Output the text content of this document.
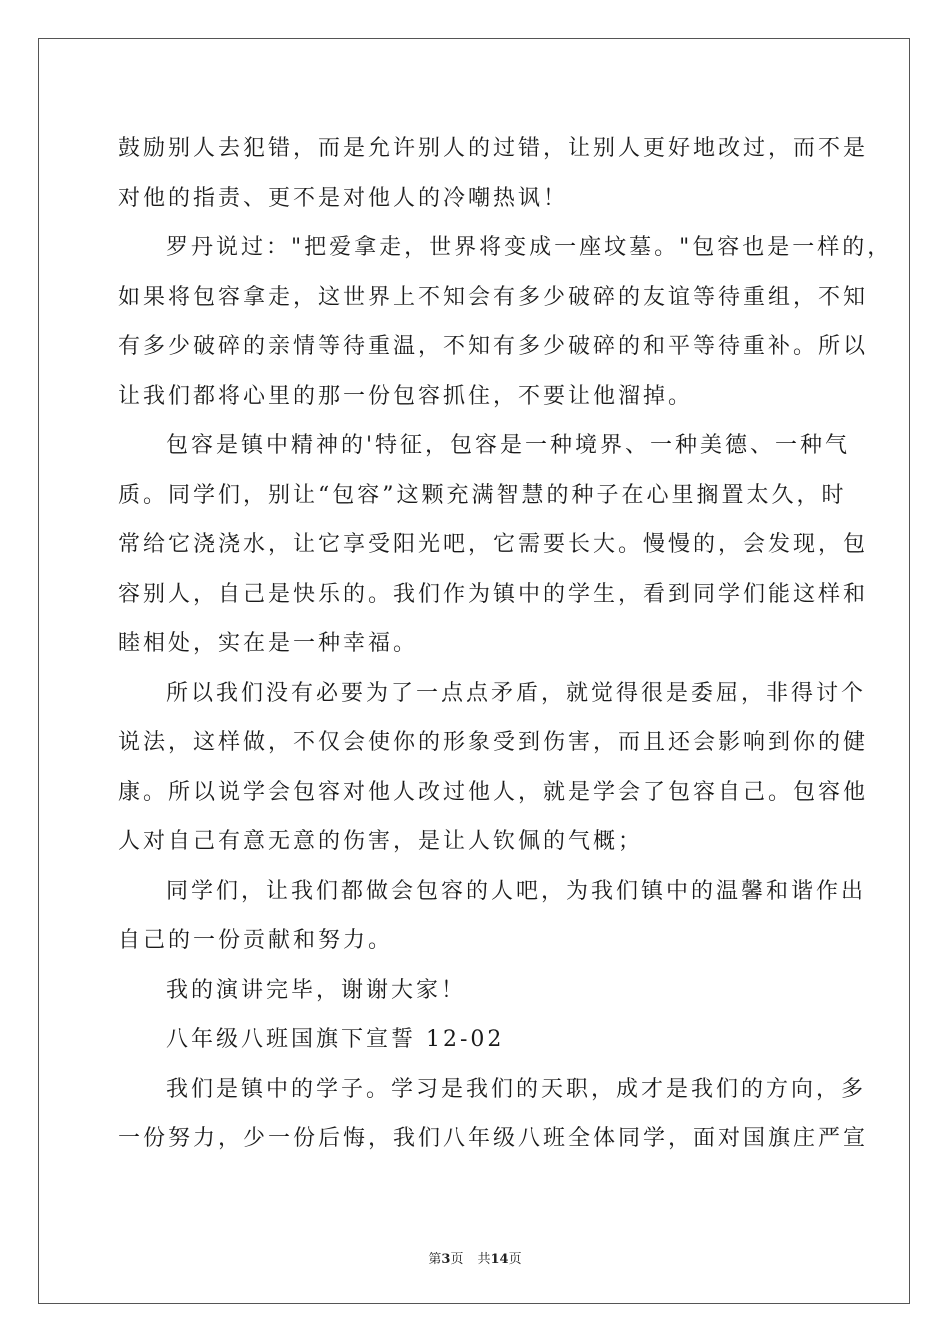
鼓励别人去犯错，而是允许别人的过错，让别人更好地改过，而不是
对他的指责、更不是对他人的冷嘲热讽！
罗丹说过："把爱拿走，世界将变成一座坟墓。"包容也是一样的，
如果将包容拿走，这世界上不知会有多少破碎的友谊等待重组，不知
有多少破碎的亲情等待重温，不知有多少破碎的和平等待重补。所以
让我们都将心里的那一份包容抓住，不要让他溜掉。
包容是镇中精神的'特征，包容是一种境界、一种美德、一种气
质。同学们，别让“包容”这颗充满智慧的种子在心里搁置太久，时
常给它浇浇水，让它享受阳光吧，它需要长大。慢慢的，会发现，包
容别人，自己是快乐的。我们作为镇中的学生，看到同学们能这样和
睦相处，实在是一种幸福。
所以我们没有必要为了一点点矛盾，就觉得很是委屈，非得讨个
说法，这样做，不仅会使你的形象受到伤害，而且还会影响到你的健
康。所以说学会包容对他人改过他人，就是学会了包容自己。包容他
人对自己有意无意的伤害，是让人钦佩的气概；
同学们，让我们都做会包容的人吧，为我们镇中的温馨和谐作出
自己的一份贡献和努力。
我的演讲完毕，谢谢大家！
八年级八班国旗下宣誓 12-02
我们是镇中的学子。学习是我们的天职，成才是我们的方向，多
一份努力，少一份后悔，我们八年级八班全体同学，面对国旗庄严宣
第3页 共14页
